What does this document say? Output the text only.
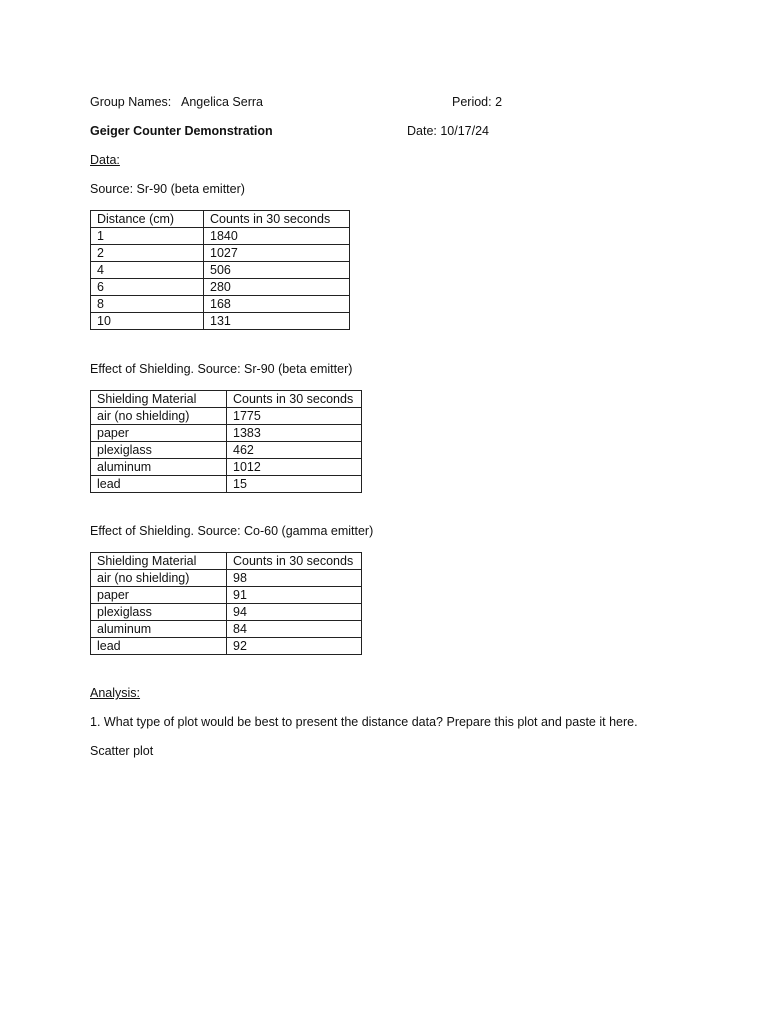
Group Names: Angelica Serra	Period: 2
Geiger Counter Demonstration	Date: 10/17/24
Data:
Source: Sr-90 (beta emitter)
Distance (cm)	Counts in 30 seconds
1	1840
2	1027
4	506
6	280
8	168
10	131
Effect of Shielding. Source: Sr-90 (beta emitter)
Shielding Material	Counts in 30 seconds
air (no shielding)	1775
paper	1383
plexiglass	462
aluminum	1012
lead	15
Effect of Shielding. Source: Co-60 (gamma emitter)
Shielding Material	Counts in 30 seconds
air (no shielding)	98
paper	91
plexiglass	94
aluminum	84
lead	92
Analysis:
1. What type of plot would be best to present the distance data? Prepare this plot and paste it here.
Scatter plot
